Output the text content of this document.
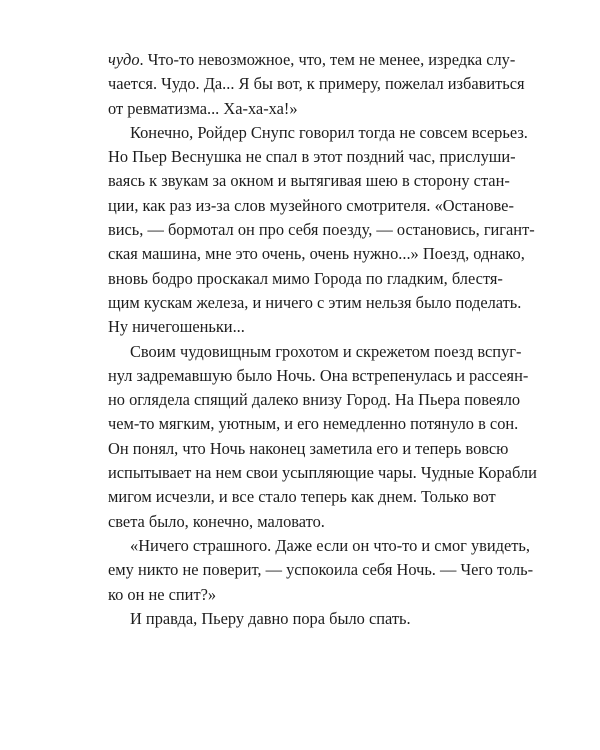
чудо. Что-то невозможное, что, тем не менее, изредка слу-
чается. Чудо. Да... Я бы вот, к примеру, пожелал избавиться
от ревматизма... Ха-ха-ха!»
Конечно, Ройдер Снупс говорил тогда не совсем всерьез.
Но Пьер Веснушка не спал в этот поздний час, прислуши-
ваясь к звукам за окном и вытягивая шею в сторону стан-
ции, как раз из-за слов музейного смотрителя. «Останове-
вись, — бормотал он про себя поезду, — остановись, гигант-
ская машина, мне это очень, очень нужно...» Поезд, однако,
вновь бодро проскакал мимо Города по гладким, блестя-
щим кускам железа, и ничего с этим нельзя было поделать.
Ну ничегошеньки...
Своим чудовищным грохотом и скрежетом поезд вспуг-
нул задремавшую было Ночь. Она встрепенулась и рассеян-
но оглядела спящий далеко внизу Город. На Пьера повеяло
чем-то мягким, уютным, и его немедленно потянуло в сон.
Он понял, что Ночь наконец заметила его и теперь вовсю
испытывает на нем свои усыпляющие чары. Чудные Корабли
мигом исчезли, и все стало теперь как днем. Только вот
света было, конечно, маловато.
«Ничего страшного. Даже если он что-то и смог увидеть,
ему никто не поверит, — успокоила себя Ночь. — Чего толь-
ко он не спит?»
И правда, Пьеру давно пора было спать.
